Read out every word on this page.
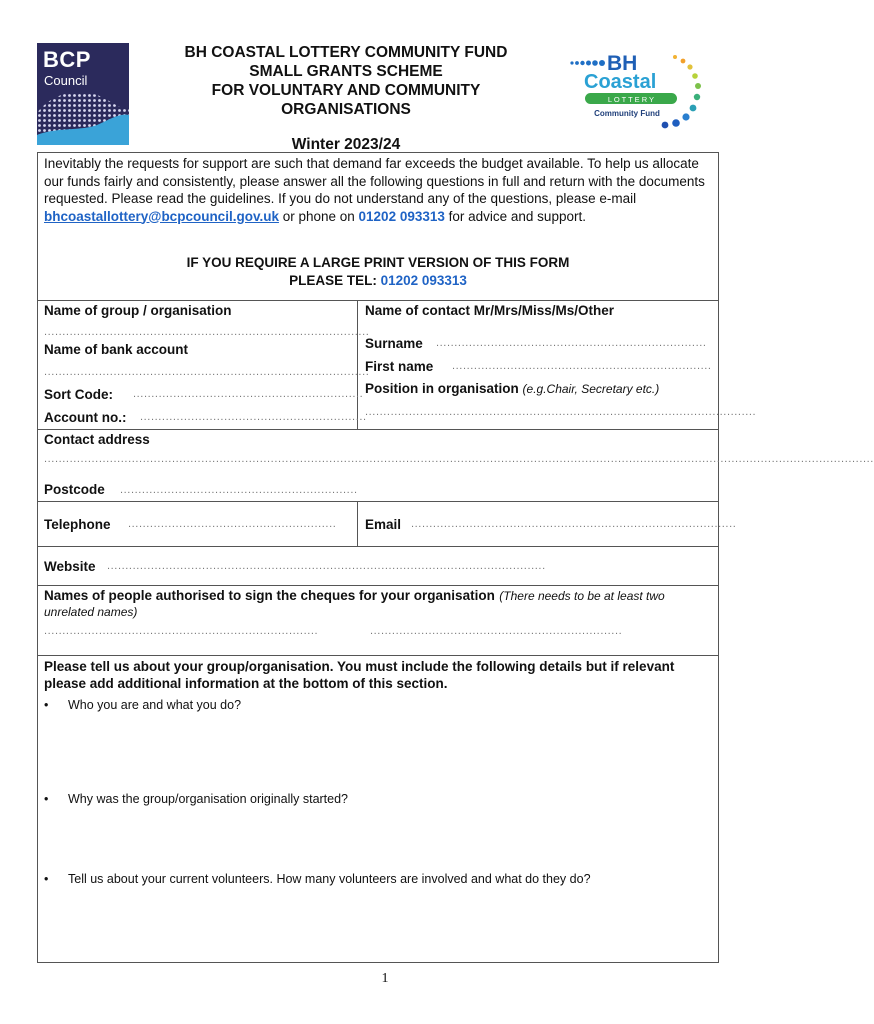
BCP
Council
BH COASTAL LOTTERY COMMUNITY FUND
SMALL GRANTS SCHEME
FOR VOLUNTARY AND COMMUNITY
ORGANISATIONS
Winter 2023/24
BH
Coastal
L O T T E R Y
Community Fund
Inevitably the requests for support are such that demand far exceeds the budget available. To help us allocate our funds fairly and consistently, please answer all the following questions in full and return with the documents requested. Please read the guidelines. If you do not understand any of the questions, please e-mail bhcoastallottery@bcpcouncil.gov.uk or phone on 01202 093313 for advice and support.
IF YOU REQUIRE A LARGE PRINT VERSION OF THIS FORM
PLEASE TEL: 01202 093313
Name of group / organisation
.........................................................................................
Name of bank account
.........................................................................................
Sort Code: ...............................................................
Account no.: ..............................................................
Name of contact Mr/Mrs/Miss/Ms/Other
Surname ..........................................................................
First name .......................................................................
Position in organisation (e.g.Chair, Secretary etc.)
...........................................................................................................
Contact address
...................................................................................................................................................................................................................................
Postcode .................................................................
Telephone ......................................................... Email .........................................................................................
Website ........................................................................................................................
Names of people authorised to sign the cheques for your organisation (There needs to be at least two unrelated names)
...........................................................................	.....................................................................
Please tell us about your group/organisation. You must include the following details but if relevant please add additional information at the bottom of this section.
• Who you are and what you do?
• Why was the group/organisation originally started?
• Tell us about your current volunteers. How many volunteers are involved and what do they do?
1
